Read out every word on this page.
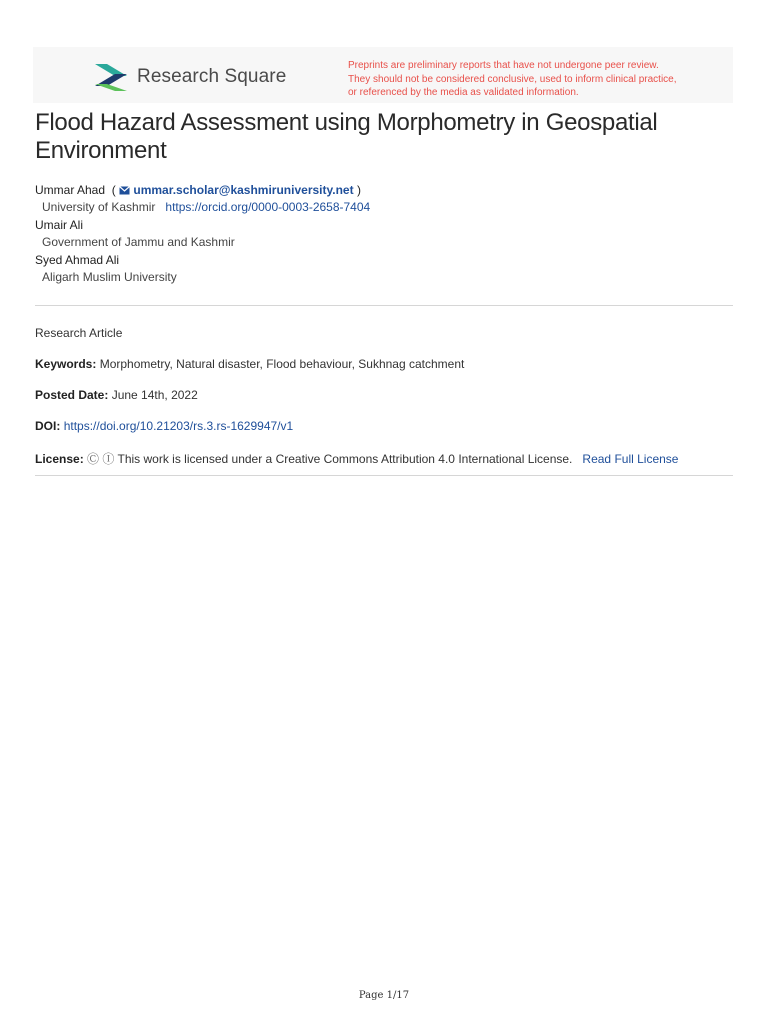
Research Square
Preprints are preliminary reports that have not undergone peer review.
They should not be considered conclusive, used to inform clinical practice,
or referenced by the media as validated information.
Flood Hazard Assessment using Morphometry in Geospatial Environment
Ummar Ahad  (  ummar.scholar@kashmiruniversity.net )
University of Kashmir https://orcid.org/0000-0003-2658-7404
Umair Ali
Government of Jammu and Kashmir
Syed Ahmad Ali
Aligarh Muslim University
Research Article
Keywords: Morphometry, Natural disaster, Flood behaviour, Sukhnag catchment
Posted Date: June 14th, 2022
DOI: https://doi.org/10.21203/rs.3.rs-1629947/v1
License: Ⓒ Ⓘ This work is licensed under a Creative Commons Attribution 4.0 International License. Read Full License
Page 1/17
